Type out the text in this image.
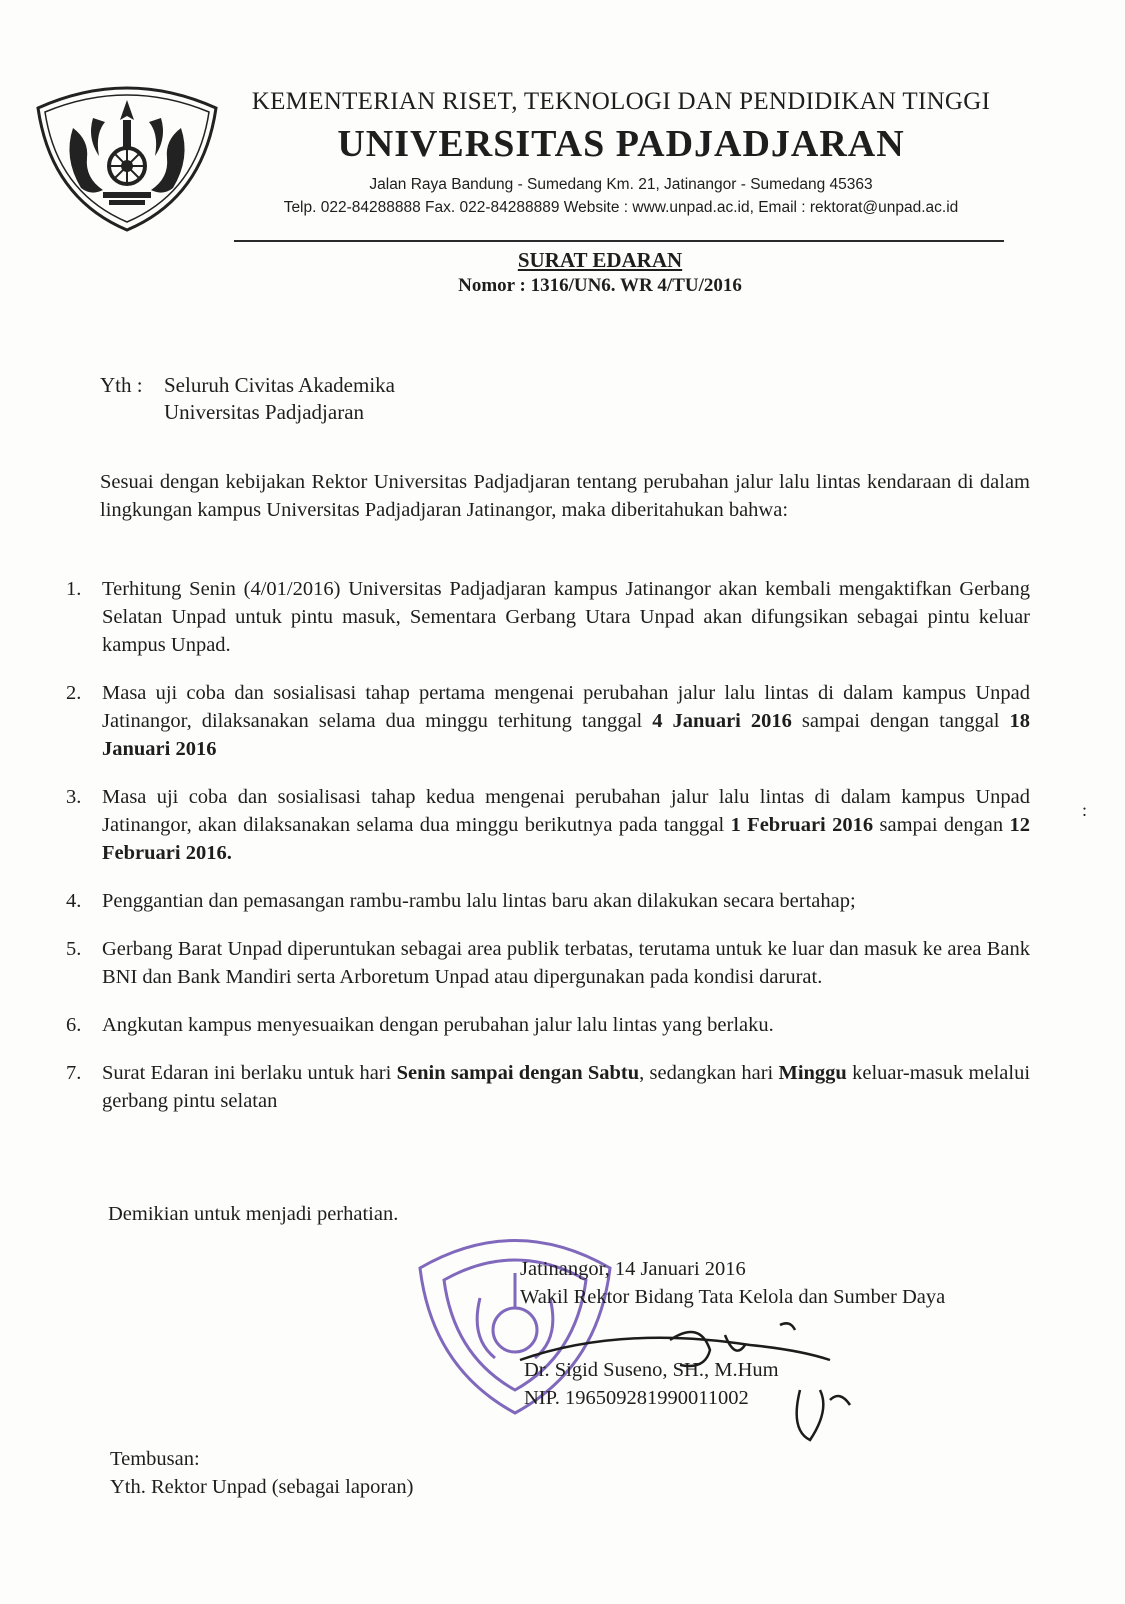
KEMENTERIAN RISET, TEKNOLOGI DAN PENDIDIKAN TINGGI
UNIVERSITAS PADJADJARAN
Jalan Raya Bandung - Sumedang Km. 21, Jatinangor - Sumedang 45363
Telp. 022-84288888 Fax. 022-84288889 Website : www.unpad.ac.id, Email : rektorat@unpad.ac.id
SURAT EDARAN
Nomor : 1316/UN6. WR 4/TU/2016
Yth : Seluruh Civitas Akademika
Universitas Padjadjaran
Sesuai dengan kebijakan Rektor Universitas Padjadjaran tentang perubahan jalur lalu lintas kendaraan di dalam lingkungan kampus Universitas Padjadjaran Jatinangor, maka diberitahukan bahwa:
1. Terhitung Senin (4/01/2016) Universitas Padjadjaran kampus Jatinangor akan kembali mengaktifkan Gerbang Selatan Unpad untuk pintu masuk, Sementara Gerbang Utara Unpad akan difungsikan sebagai pintu keluar kampus Unpad.
2. Masa uji coba dan sosialisasi tahap pertama mengenai perubahan jalur lalu lintas di dalam kampus Unpad Jatinangor, dilaksanakan selama dua minggu terhitung tanggal 4 Januari 2016 sampai dengan tanggal 18 Januari 2016
3. Masa uji coba dan sosialisasi tahap kedua mengenai perubahan jalur lalu lintas di dalam kampus Unpad Jatinangor, akan dilaksanakan selama dua minggu berikutnya pada tanggal 1 Februari 2016 sampai dengan 12 Februari 2016.
4. Penggantian dan pemasangan rambu-rambu lalu lintas baru akan dilakukan secara bertahap;
5. Gerbang Barat Unpad diperuntukan sebagai area publik terbatas, terutama untuk ke luar dan masuk ke area Bank BNI dan Bank Mandiri serta Arboretum Unpad atau dipergunakan pada kondisi darurat.
6. Angkutan kampus menyesuaikan dengan perubahan jalur lalu lintas yang berlaku.
7. Surat Edaran ini berlaku untuk hari Senin sampai dengan Sabtu, sedangkan hari Minggu keluar-masuk melalui gerbang pintu selatan
Demikian untuk menjadi perhatian.
Jatinangor, 14 Januari 2016
Wakil Rektor Bidang Tata Kelola dan Sumber Daya
Dr. Sigid Suseno, SH., M.Hum
NIP. 196509281990011002
Tembusan:
Yth. Rektor Unpad (sebagai laporan)
:
